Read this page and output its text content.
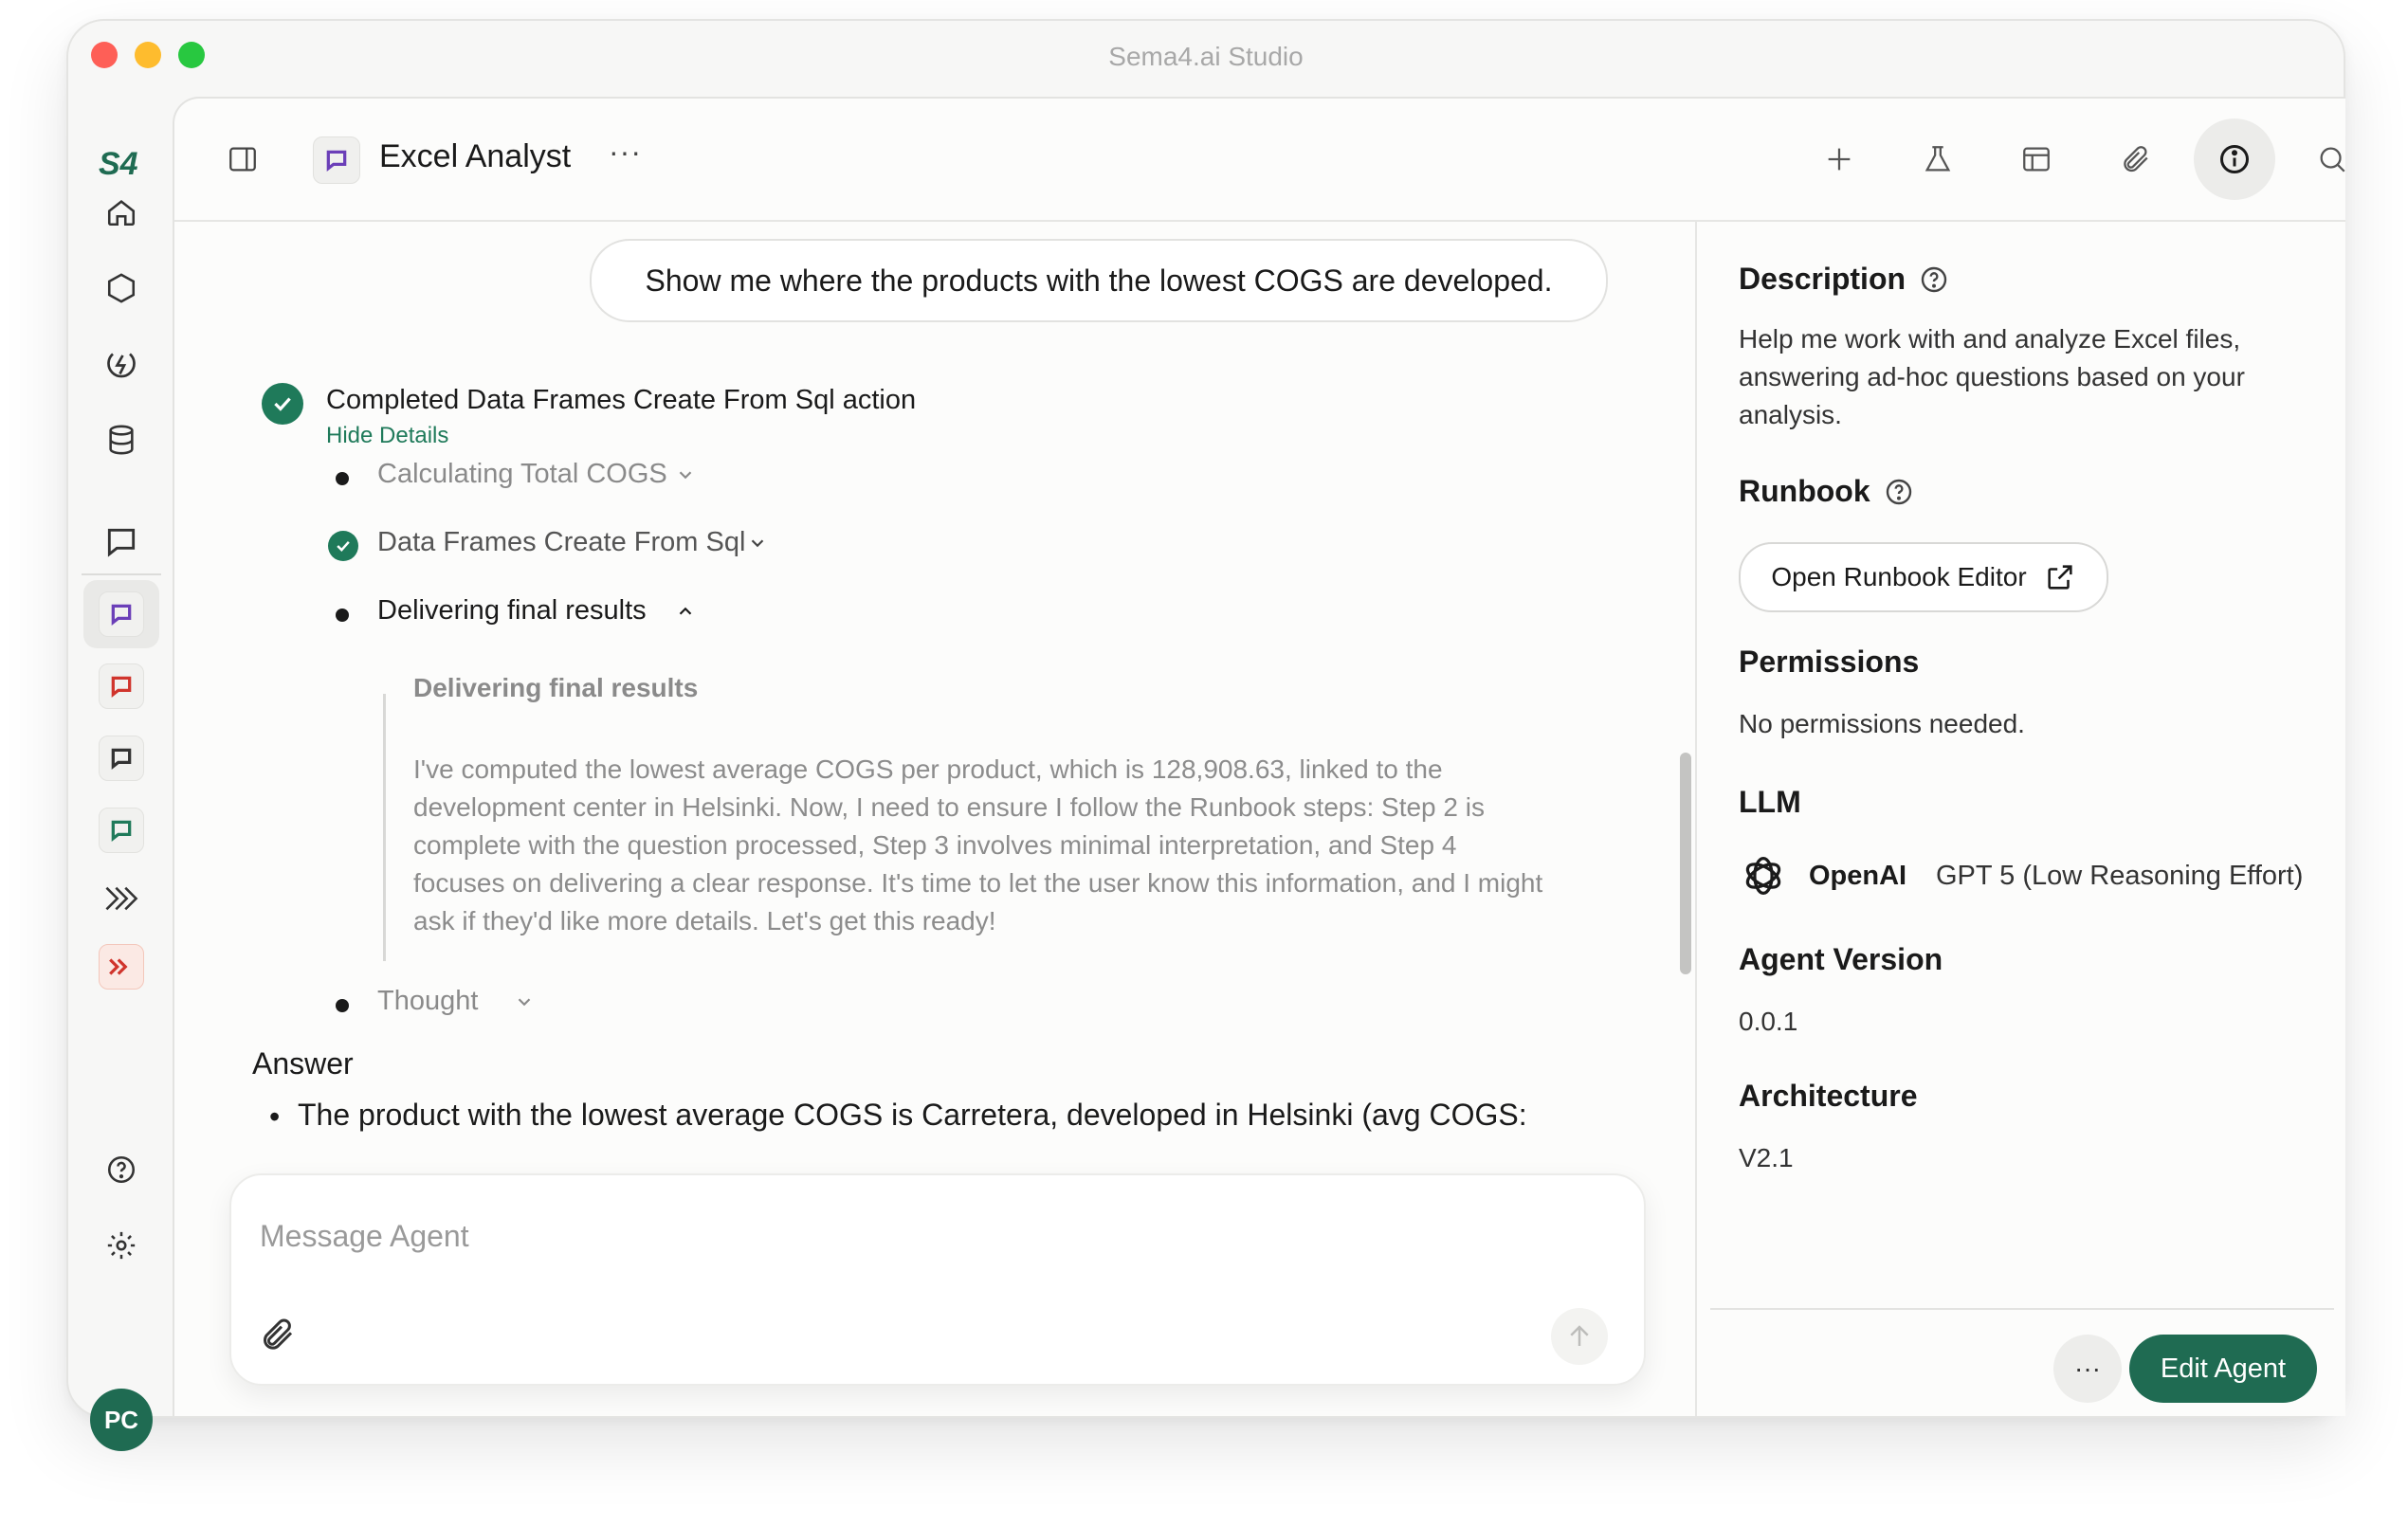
Sema4.ai Studio
S4
PC
Excel Analyst ···
Show me where the products with the lowest COGS are developed.
Completed Data Frames Create From Sql action
Hide Details
Calculating Total COGS
Data Frames Create From Sql
Delivering final results
Delivering final results
I've computed the lowest average COGS per product, which is 128,908.63, linked to the
development center in Helsinki. Now, I need to ensure I follow the Runbook steps: Step 2 is
complete with the question processed, Step 3 involves minimal interpretation, and Step 4
focuses on delivering a clear response. It's time to let the user know this information, and I might
ask if they'd like more details. Let's get this ready!
Thought
Answer
• The product with the lowest average COGS is Carretera, developed in Helsinki (avg COGS:
Message Agent
Description
Help me work with and analyze Excel files, answering ad-hoc questions based on your analysis.
Runbook
Open Runbook Editor
Permissions
No permissions needed.
LLM
OpenAI GPT 5 (Low Reasoning Effort)
Agent Version
0.0.1
Architecture
V2.1
···	Edit Agent
